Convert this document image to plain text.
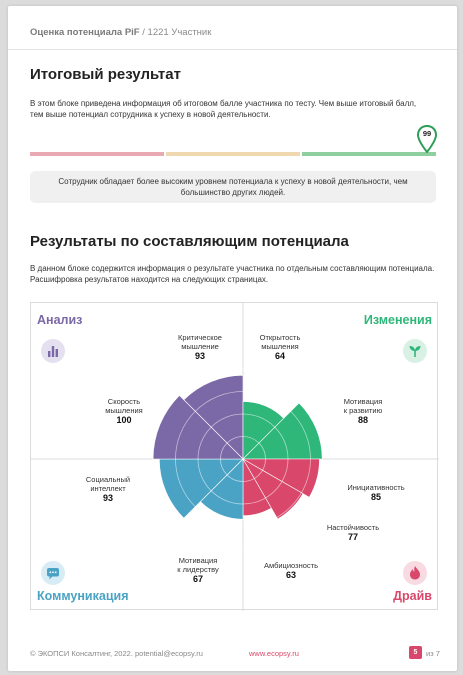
Оценка потенциала PiF / 1221 Участник
Итоговый результат

В этом блоке приведена информация об итоговом балле участника по тесту. Чем выше итоговый балл, тем выше потенциал сотрудника к успеху в новой деятельности.

99
Сотрудник обладает более высоким уровнем потенциала к успеху в новой деятельности, чем большинство других людей.
Результаты по составляющим потенциала

В данном блоке содержится информация о результате участника по отдельным составляющим потенциала. Расшифровка результатов находится на следующих страницах.

Анализ	Изменения
Коммуникация	Драйв
Критическое
мышление
93
Открытость
мышления
64
Мотивация
к развитию
88
Инициативность
85
Настойчивость
77
Амбициозность
63
Мотивация
к лидерству
67
Социальный
интеллект
93
Скорость
мышления
100
© ЭКОПСИ Консалтинг, 2022. potential@ecopsy.ru	www.ecopsy.ru	5	из 7
